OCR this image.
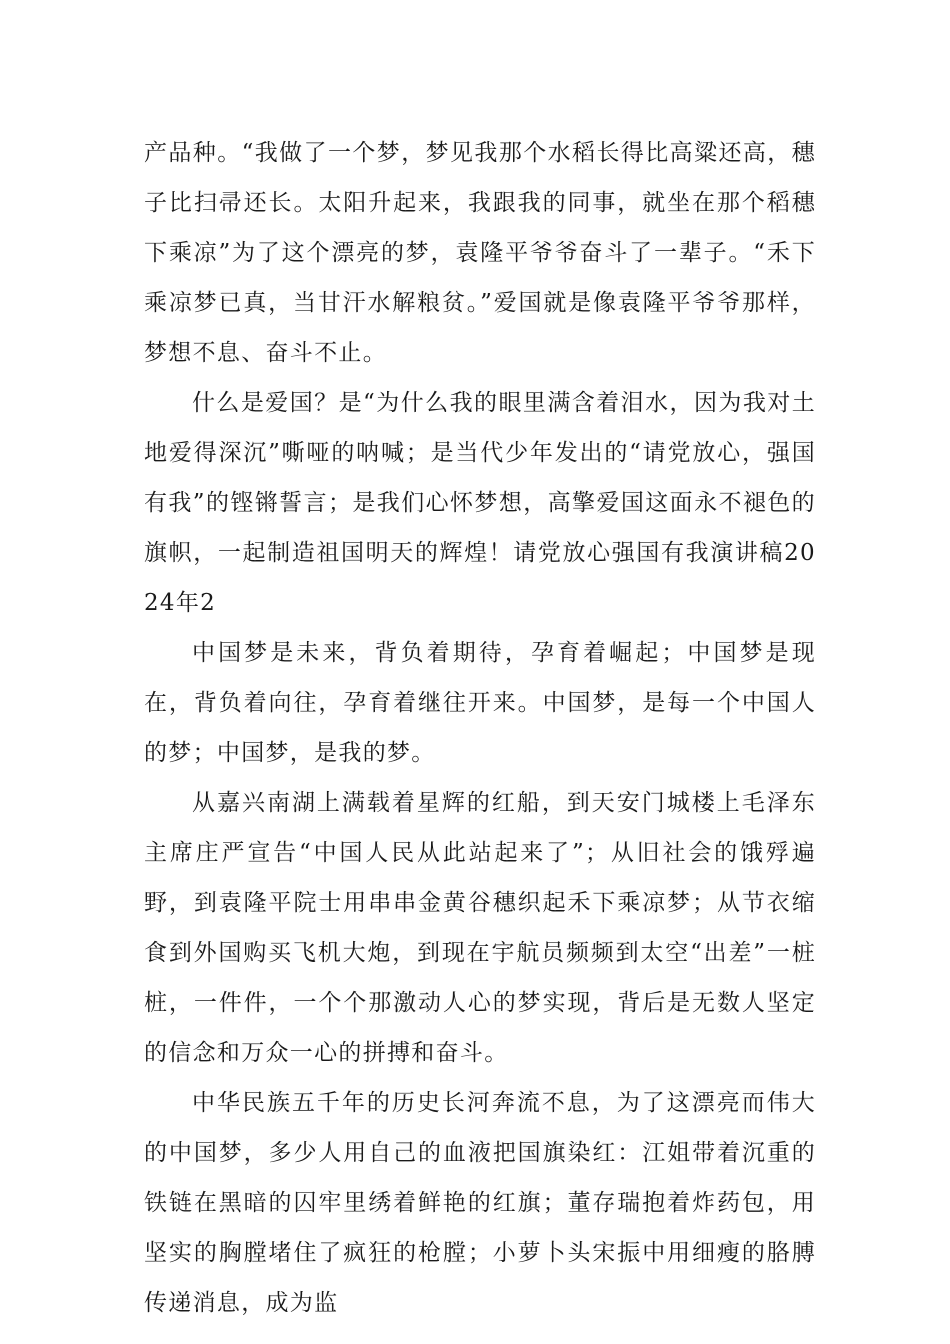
产品种。“我做了一个梦，梦见我那个水稻长得比高粱还高，穗子比扫帚还长。太阳升起来，我跟我的同事，就坐在那个稻穗下乘凉”为了这个漂亮的梦，袁隆平爷爷奋斗了一辈子。“禾下乘凉梦已真，当甘汗水解粮贫。”爱国就是像袁隆平爷爷那样，梦想不息、奋斗不止。

什么是爱国？是“为什么我的眼里满含着泪水，因为我对土地爱得深沉”嘶哑的呐喊；是当代少年发出的“请党放心，强国有我”的铿锵誓言；是我们心怀梦想，高擎爱国这面永不褪色的旗帜，一起制造祖国明天的辉煌！请党放心强国有我演讲稿2024年2

中国梦是未来，背负着期待，孕育着崛起；中国梦是现在，背负着向往，孕育着继往开来。中国梦，是每一个中国人的梦；中国梦，是我的梦。

从嘉兴南湖上满载着星辉的红船，到天安门城楼上毛泽东主席庄严宣告“中国人民从此站起来了”；从旧社会的饿殍遍野，到袁隆平院士用串串金黄谷穗织起禾下乘凉梦；从节衣缩食到外国购买飞机大炮，到现在宇航员频频到太空“出差”一桩桩，一件件，一个个那激动人心的梦实现，背后是无数人坚定的信念和万众一心的拼搏和奋斗。

中华民族五千年的历史长河奔流不息，为了这漂亮而伟大的中国梦，多少人用自己的血液把国旗染红：江姐带着沉重的铁链在黑暗的囚牢里绣着鲜艳的红旗；董存瑞抱着炸药包，用坚实的胸膛堵住了疯狂的枪膛；小萝卜头宋振中用细瘦的胳膊传递消息，成为监
